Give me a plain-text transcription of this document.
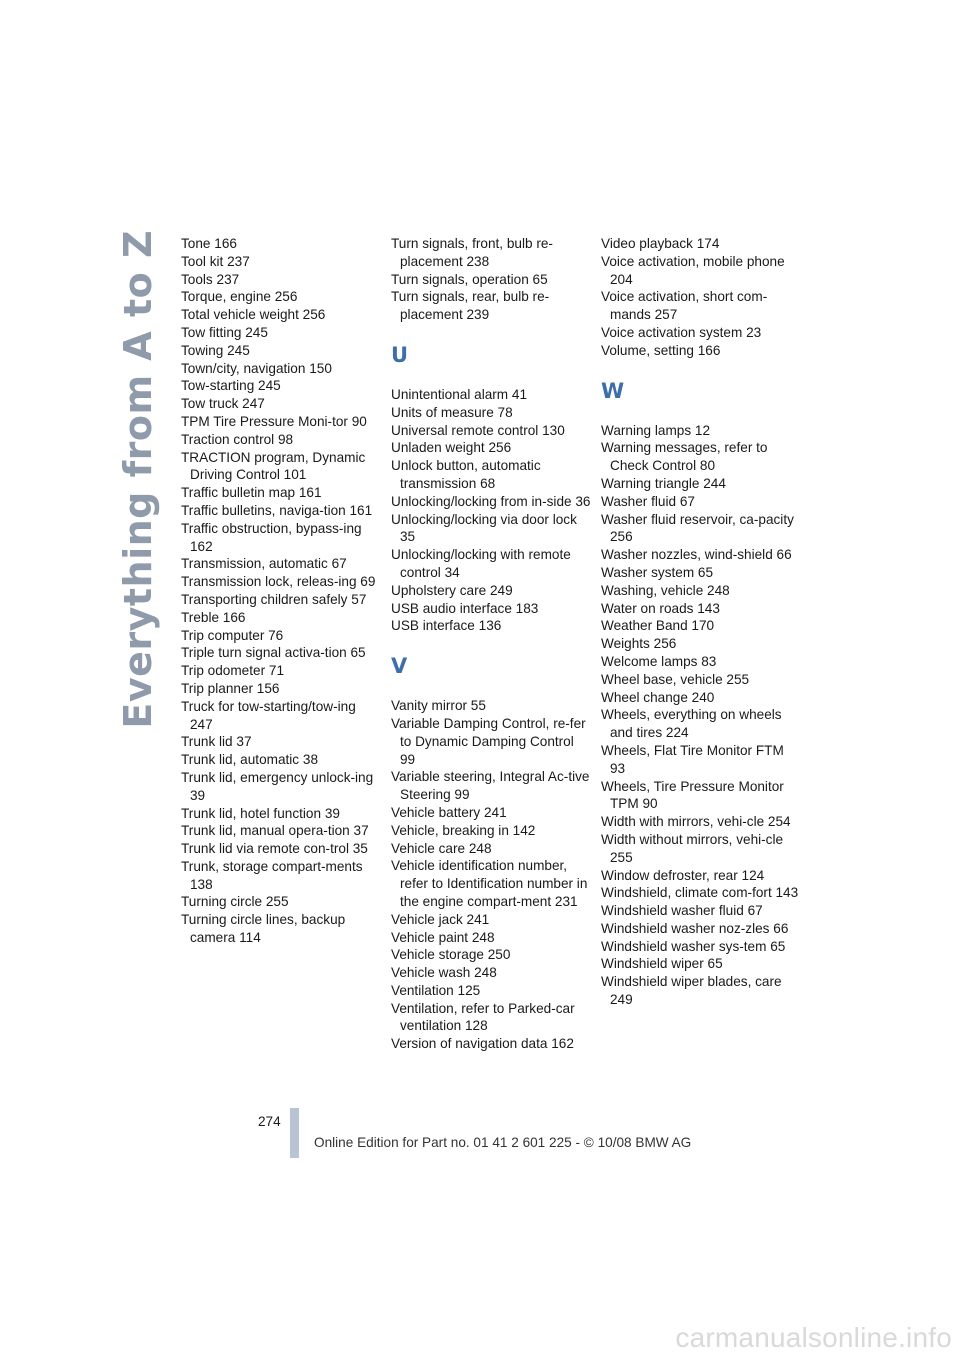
Everything from A to Z Tone 166
Tool kit 237
Tools 237
Torque, engine 256
Total vehicle weight 256
Tow fitting 245
Towing 245
Town/city, navigation 150
Tow-starting 245
Tow truck 247
TPM Tire Pressure Moni-tor 90
Traction control 98
TRACTION program, Dynamic Driving Control 101
Traffic bulletin map 161
Traffic bulletins, naviga-tion 161
Traffic obstruction, bypass-ing 162
Transmission, automatic 67
Transmission lock, releas-ing 69
Transporting children safely 57
Treble 166
Trip computer 76
Triple turn signal activa-tion 65
Trip odometer 71
Trip planner 156
Truck for tow-starting/tow-ing 247
Trunk lid 37
Trunk lid, automatic 38
Trunk lid, emergency unlock-ing 39
Trunk lid, hotel function 39
Trunk lid, manual opera-tion 37
Trunk lid via remote con-trol 35
Trunk, storage compart-ments 138
Turning circle 255
Turning circle lines, backup camera 114
Turn signals, front, bulb re-placement 238
Turn signals, operation 65
Turn signals, rear, bulb re-placement 239
U
Unintentional alarm 41
Units of measure 78
Universal remote control 130
Unladen weight 256
Unlock button, automatic transmission 68
Unlocking/locking from in-side 36
Unlocking/locking via door lock 35
Unlocking/locking with remote control 34
Upholstery care 249
USB audio interface 183
USB interface 136
V
Vanity mirror 55
Variable Damping Control, re-fer to Dynamic Damping Control 99
Variable steering, Integral Ac-tive Steering 99
Vehicle battery 241
Vehicle, breaking in 142
Vehicle care 248
Vehicle identification number, refer to Identification number in the engine compart-ment 231
Vehicle jack 241
Vehicle paint 248
Vehicle storage 250
Vehicle wash 248
Ventilation 125
Ventilation, refer to Parked-car ventilation 128
Version of navigation data 162
Video playback 174
Voice activation, mobile phone 204
Voice activation, short com-mands 257
Voice activation system 23
Volume, setting 166
W
Warning lamps 12
Warning messages, refer to Check Control 80
Warning triangle 244
Washer fluid 67
Washer fluid reservoir, ca-pacity 256
Washer nozzles, wind-shield 66
Washer system 65
Washing, vehicle 248
Water on roads 143
Weather Band 170
Weights 256
Welcome lamps 83
Wheel base, vehicle 255
Wheel change 240
Wheels, everything on wheels and tires 224
Wheels, Flat Tire Monitor FTM 93
Wheels, Tire Pressure Monitor TPM 90
Width with mirrors, vehi-cle 254
Width without mirrors, vehi-cle 255
Window defroster, rear 124
Windshield, climate com-fort 143
Windshield washer fluid 67
Windshield washer noz-zles 66
Windshield washer sys-tem 65
Windshield wiper 65
Windshield wiper blades, care 249
274
Online Edition for Part no. 01 41 2 601 225 - © 10/08 BMW AG
carmanualsonline.info
